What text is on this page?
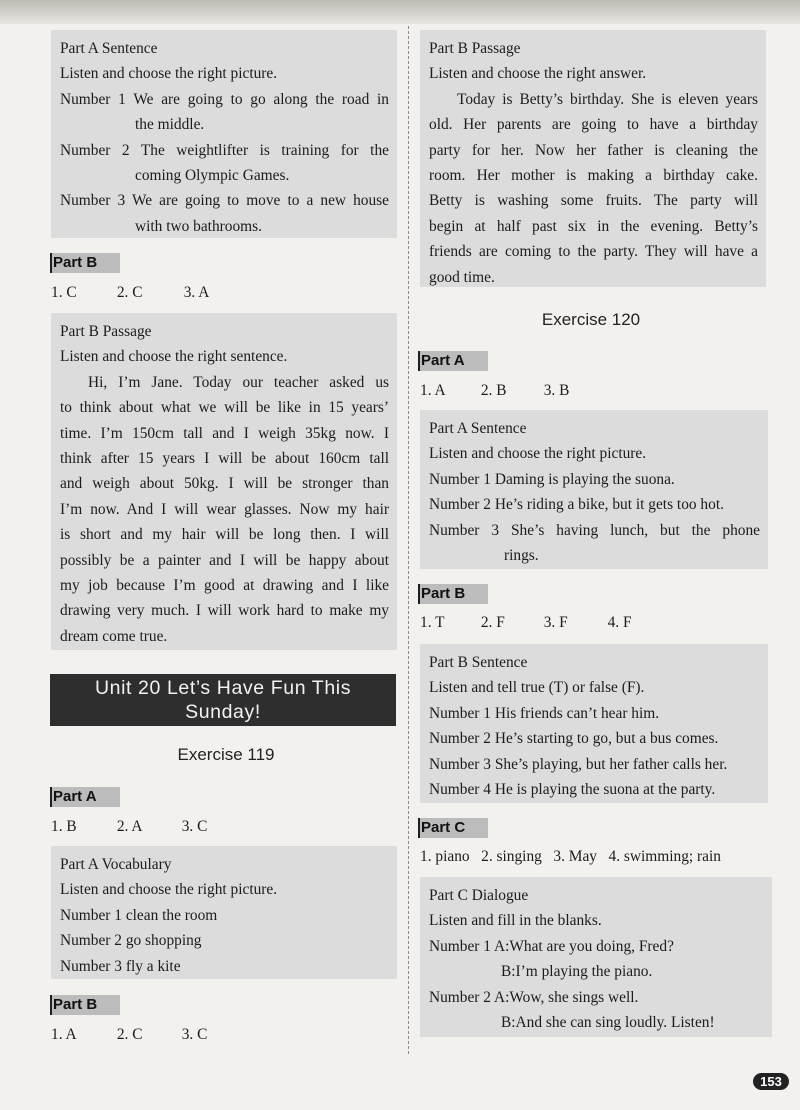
Part A Sentence
Listen and choose the right picture.
Number 1 We are going to go along the road in
the middle.
Number 2 The weightlifter is training for the
coming Olympic Games.
Number 3 We are going to move to a new house
with two bathrooms.
Part B
1. C	2. C	3. A
Part B Passage
Listen and choose the right sentence.
Hi, I’m Jane. Today our teacher asked us
to think about what we will be like in 15 years’
time. I’m 150cm tall and I weigh 35kg now. I
think after 15 years I will be about 160cm tall
and weigh about 50kg. I will be stronger than
I’m now. And I will wear glasses. Now my hair
is short and my hair will be long then. I will
possibly be a painter and I will be happy about
my job because I’m good at drawing and I like
drawing very much. I will work hard to make my
dream come true.
Unit 20 Let’s Have Fun This
Sunday!
Exercise 119
Part A
1. B	2. A	3. C
Part A Vocabulary
Listen and choose the right picture.
Number 1 clean the room
Number 2 go shopping
Number 3 fly a kite
Part B
1. A	2. C	3. C
Part B Passage
Listen and choose the right answer.
Today is Betty’s birthday. She is eleven years
old. Her parents are going to have a birthday
party for her. Now her father is cleaning the
room. Her mother is making a birthday cake.
Betty is washing some fruits. The party will
begin at half past six in the evening. Betty’s
friends are coming to the party. They will have a
good time.
Exercise 120
Part A
1. A 2. B 3. B
Part A Sentence
Listen and choose the right picture.
Number 1 Daming is playing the suona.
Number 2 He’s riding a bike, but it gets too hot.
Number 3 She’s having lunch, but the phone
rings.
Part B
1. T 2. F	3. F	4. F
Part B Sentence
Listen and tell true (T) or false (F).
Number 1 His friends can’t hear him.
Number 2 He’s starting to go, but a bus comes.
Number 3 She’s playing, but her father calls her.
Number 4 He is playing the suona at the party.
Part C
1. piano   2. singing   3. May   4. swimming; rain
Part C Dialogue
Listen and fill in the blanks.
Number 1 A:What are you doing, Fred?
B:I’m playing the piano.
Number 2 A:Wow, she sings well.
B:And she can sing loudly. Listen!
153
